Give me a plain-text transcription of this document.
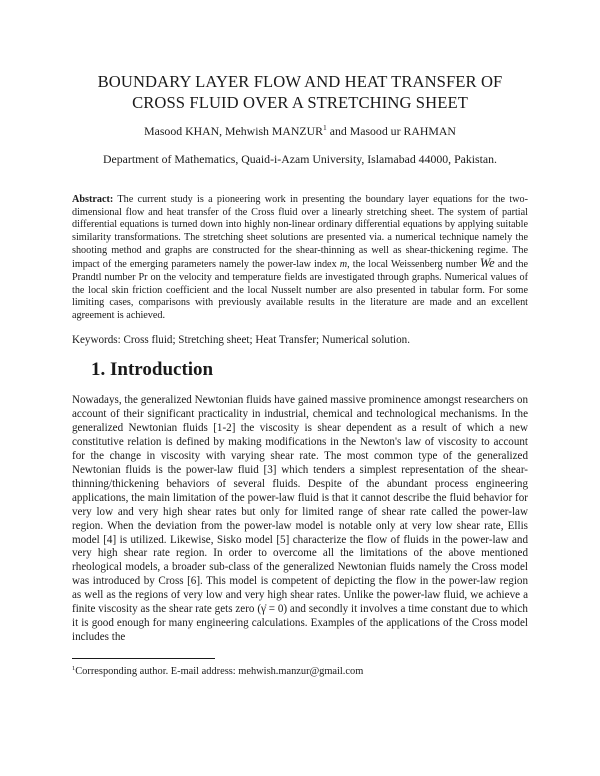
BOUNDARY LAYER FLOW AND HEAT TRANSFER OF
CROSS FLUID OVER A STRETCHING SHEET
Masood KHAN, Mehwish MANZUR$^1$ and Masood ur RAHMAN
Department of Mathematics, Quaid-i-Azam University, Islamabad 44000, Pakistan.

Abstract: The current study is a pioneering work in presenting the boundary layer equations for the two-dimensional flow and heat transfer of the Cross fluid over a linearly stretching sheet. The system of partial differential equations is turned down into highly non-linear ordinary differential equations by applying suitable similarity transformations. The stretching sheet solutions are presented via. a numerical technique namely the shooting method and graphs are constructed for the shear-thinning as well as shear-thickening regime. The impact of the emerging parameters namely the power-law index m, the local Weissenberg number We and the Prandtl number Pr on the velocity and temperature fields are investigated through graphs. Numerical values of the local skin friction coefficient and the local Nusselt number are also presented in tabular form. For some limiting cases, comparisons with previously available results in the literature are made and an excellent agreement is achieved.

Keywords: Cross fluid; Stretching sheet; Heat Transfer; Numerical solution.
1. Introduction

Nowadays, the generalized Newtonian fluids have gained massive prominence amongst researchers on account of their significant practicality in industrial, chemical and technological mechanisms. In the generalized Newtonian fluids [1-2] the viscosity is shear dependent as a result of which a new constitutive relation is defined by making modifications in the Newton's law of viscosity to account for the change in viscosity with varying shear rate. The most common type of the generalized Newtonian fluids is the power-law fluid [3] which tenders a simplest representation of the shear-thinning/thickening behaviors of several fluids. Despite of the abundant process engineering applications, the main limitation of the power-law fluid is that it cannot describe the fluid behavior for very low and very high shear rates but only for limited range of shear rate called the power-law region. When the deviation from the power-law model is notable only at very low shear rate, Ellis model [4] is utilized. Likewise, Sisko model [5] characterize the flow of fluids in the power-law and very high shear rate region. In order to overcome all the limitations of the above mentioned rheological models, a broader sub-class of the generalized Newtonian fluids namely the Cross model was introduced by Cross [6]. This model is competent of depicting the flow in the power-law region as well as the regions of very low and very high shear rates. Unlike the power-law fluid, we achieve a finite viscosity as the shear rate gets zero (γ̇ = 0) and secondly it involves a time constant due to which it is good enough for many engineering calculations. Examples of the applications of the Cross model includes the

$^1$Corresponding author. E-mail address: mehwish.manzur@gmail.com
